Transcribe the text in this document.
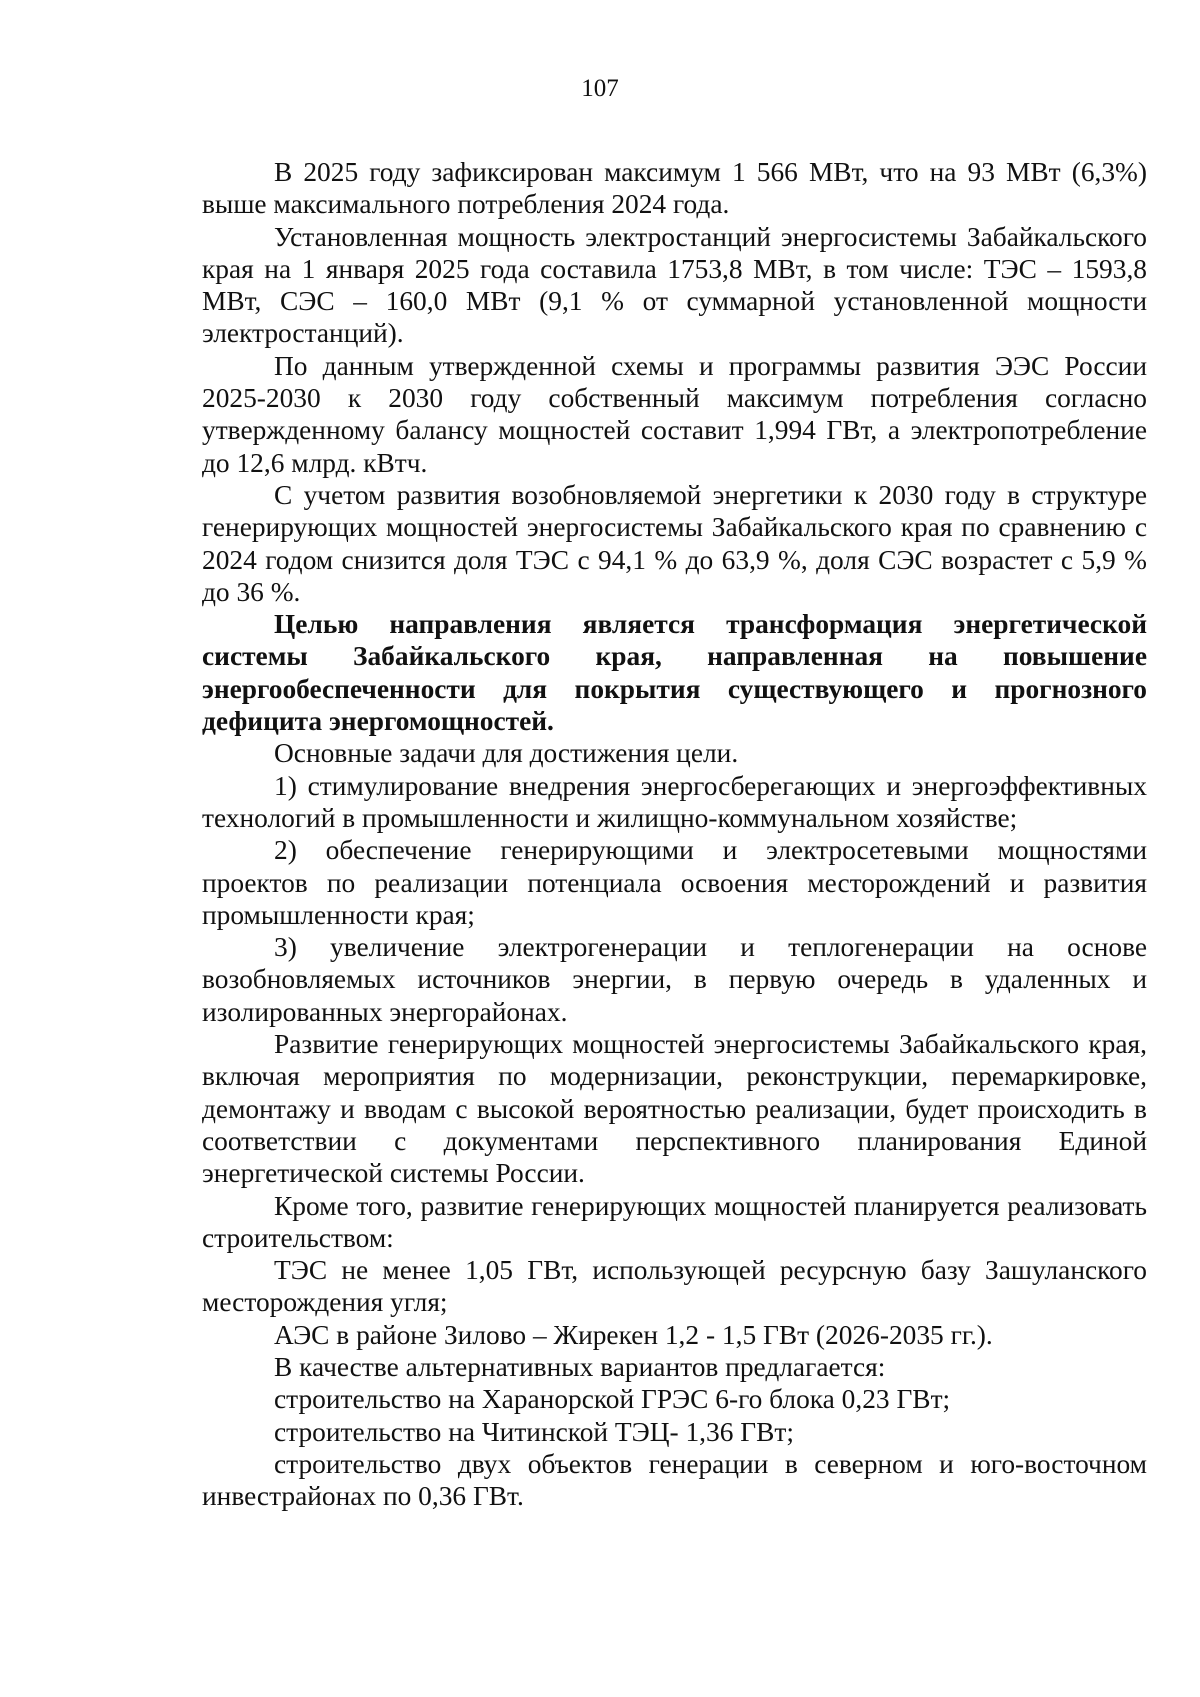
107

В 2025 году зафиксирован максимум 1 566 МВт, что на 93 МВт (6,3%) выше максимального потребления 2024 года.

Установленная мощность электростанций энергосистемы Забайкальского края на 1 января 2025 года составила 1753,8 МВт, в том числе: ТЭС – 1593,8 МВт, СЭС – 160,0 МВт (9,1 % от суммарной установленной мощности электростанций).

По данным утвержденной схемы и программы развития ЭЭС России 2025-2030 к 2030 году собственный максимум потребления согласно утвержденному балансу мощностей составит 1,994 ГВт, а электропотребление до 12,6 млрд. кВтч.

С учетом развития возобновляемой энергетики к 2030 году в структуре генерирующих мощностей энергосистемы Забайкальского края по сравнению с 2024 годом снизится доля ТЭС с 94,1 % до 63,9 %, доля СЭС возрастет с 5,9 % до 36 %.

Целью направления является трансформация энергетической системы Забайкальского края, направленная на повышение энергообеспеченности для покрытия существующего и прогнозного дефицита энергомощностей.

Основные задачи для достижения цели.

1) стимулирование внедрения энергосберегающих и энергоэффективных технологий в промышленности и жилищно-коммунальном хозяйстве;

2) обеспечение генерирующими и электросетевыми мощностями проектов по реализации потенциала освоения месторождений и развития промышленности края;

3) увеличение электрогенерации и теплогенерации на основе возобновляемых источников энергии, в первую очередь в удаленных и изолированных энергорайонах.

Развитие генерирующих мощностей энергосистемы Забайкальского края, включая мероприятия по модернизации, реконструкции, перемаркировке, демонтажу и вводам с высокой вероятностью реализации, будет происходить в соответствии с документами перспективного планирования Единой энергетической системы России.

Кроме того, развитие генерирующих мощностей планируется реализовать строительством:

ТЭС не менее 1,05 ГВт, использующей ресурсную базу Зашуланского месторождения угля;

АЭС в районе Зилово – Жирекен 1,2 - 1,5 ГВт (2026-2035 гг.).

В качестве альтернативных вариантов предлагается:

строительство на Харанорской ГРЭС 6-го блока 0,23 ГВт;

строительство на Читинской ТЭЦ- 1,36 ГВт;

строительство двух объектов генерации в северном и юго-восточном инвестрайонах по 0,36 ГВт.
